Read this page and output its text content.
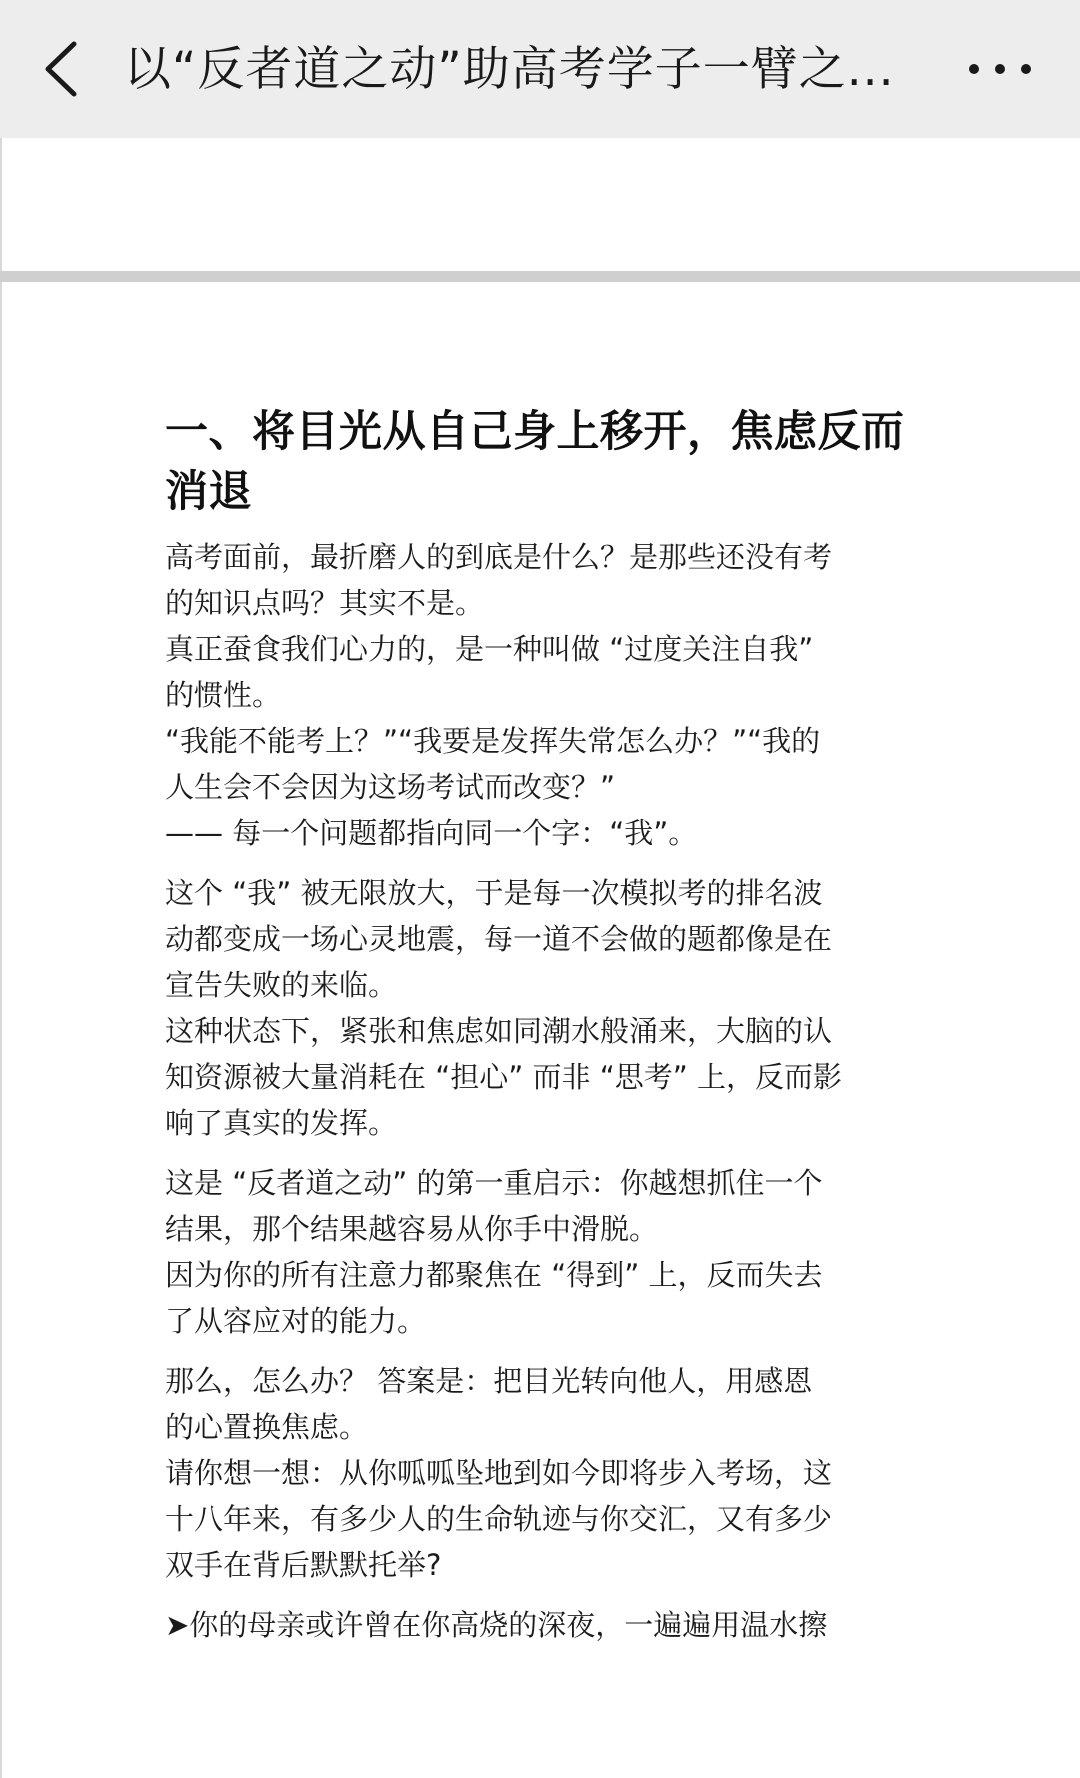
以“反者道之动”助高考学子一臂之...
一、将目光从自己身上移开，焦虑反而
消退
高考面前，最折磨人的到底是什么？是那些还没有考
的知识点吗？其实不是。
真正蚕食我们心力的，是一种叫做 “过度关注自我”
的惯性。
“我能不能考上？”“我要是发挥失常怎么办？”“我的
人生会不会因为这场考试而改变？”
—— 每一个问题都指向同一个字：“我”。
这个 “我” 被无限放大，于是每一次模拟考的排名波
动都变成一场心灵地震，每一道不会做的题都像是在
宣告失败的来临。
这种状态下，紧张和焦虑如同潮水般涌来，大脑的认
知资源被大量消耗在 “担心” 而非 “思考” 上，反而影
响了真实的发挥。
这是 “反者道之动” 的第一重启示：你越想抓住一个
结果，那个结果越容易从你手中滑脱。
因为你的所有注意力都聚焦在 “得到” 上，反而失去
了从容应对的能力。
那么，怎么办？ 答案是：把目光转向他人，用感恩
的心置换焦虑。
请你想一想：从你呱呱坠地到如今即将步入考场，这
十八年来，有多少人的生命轨迹与你交汇，又有多少
双手在背后默默托举?
➤你的母亲或许曾在你高烧的深夜，一遍遍用温水擦
